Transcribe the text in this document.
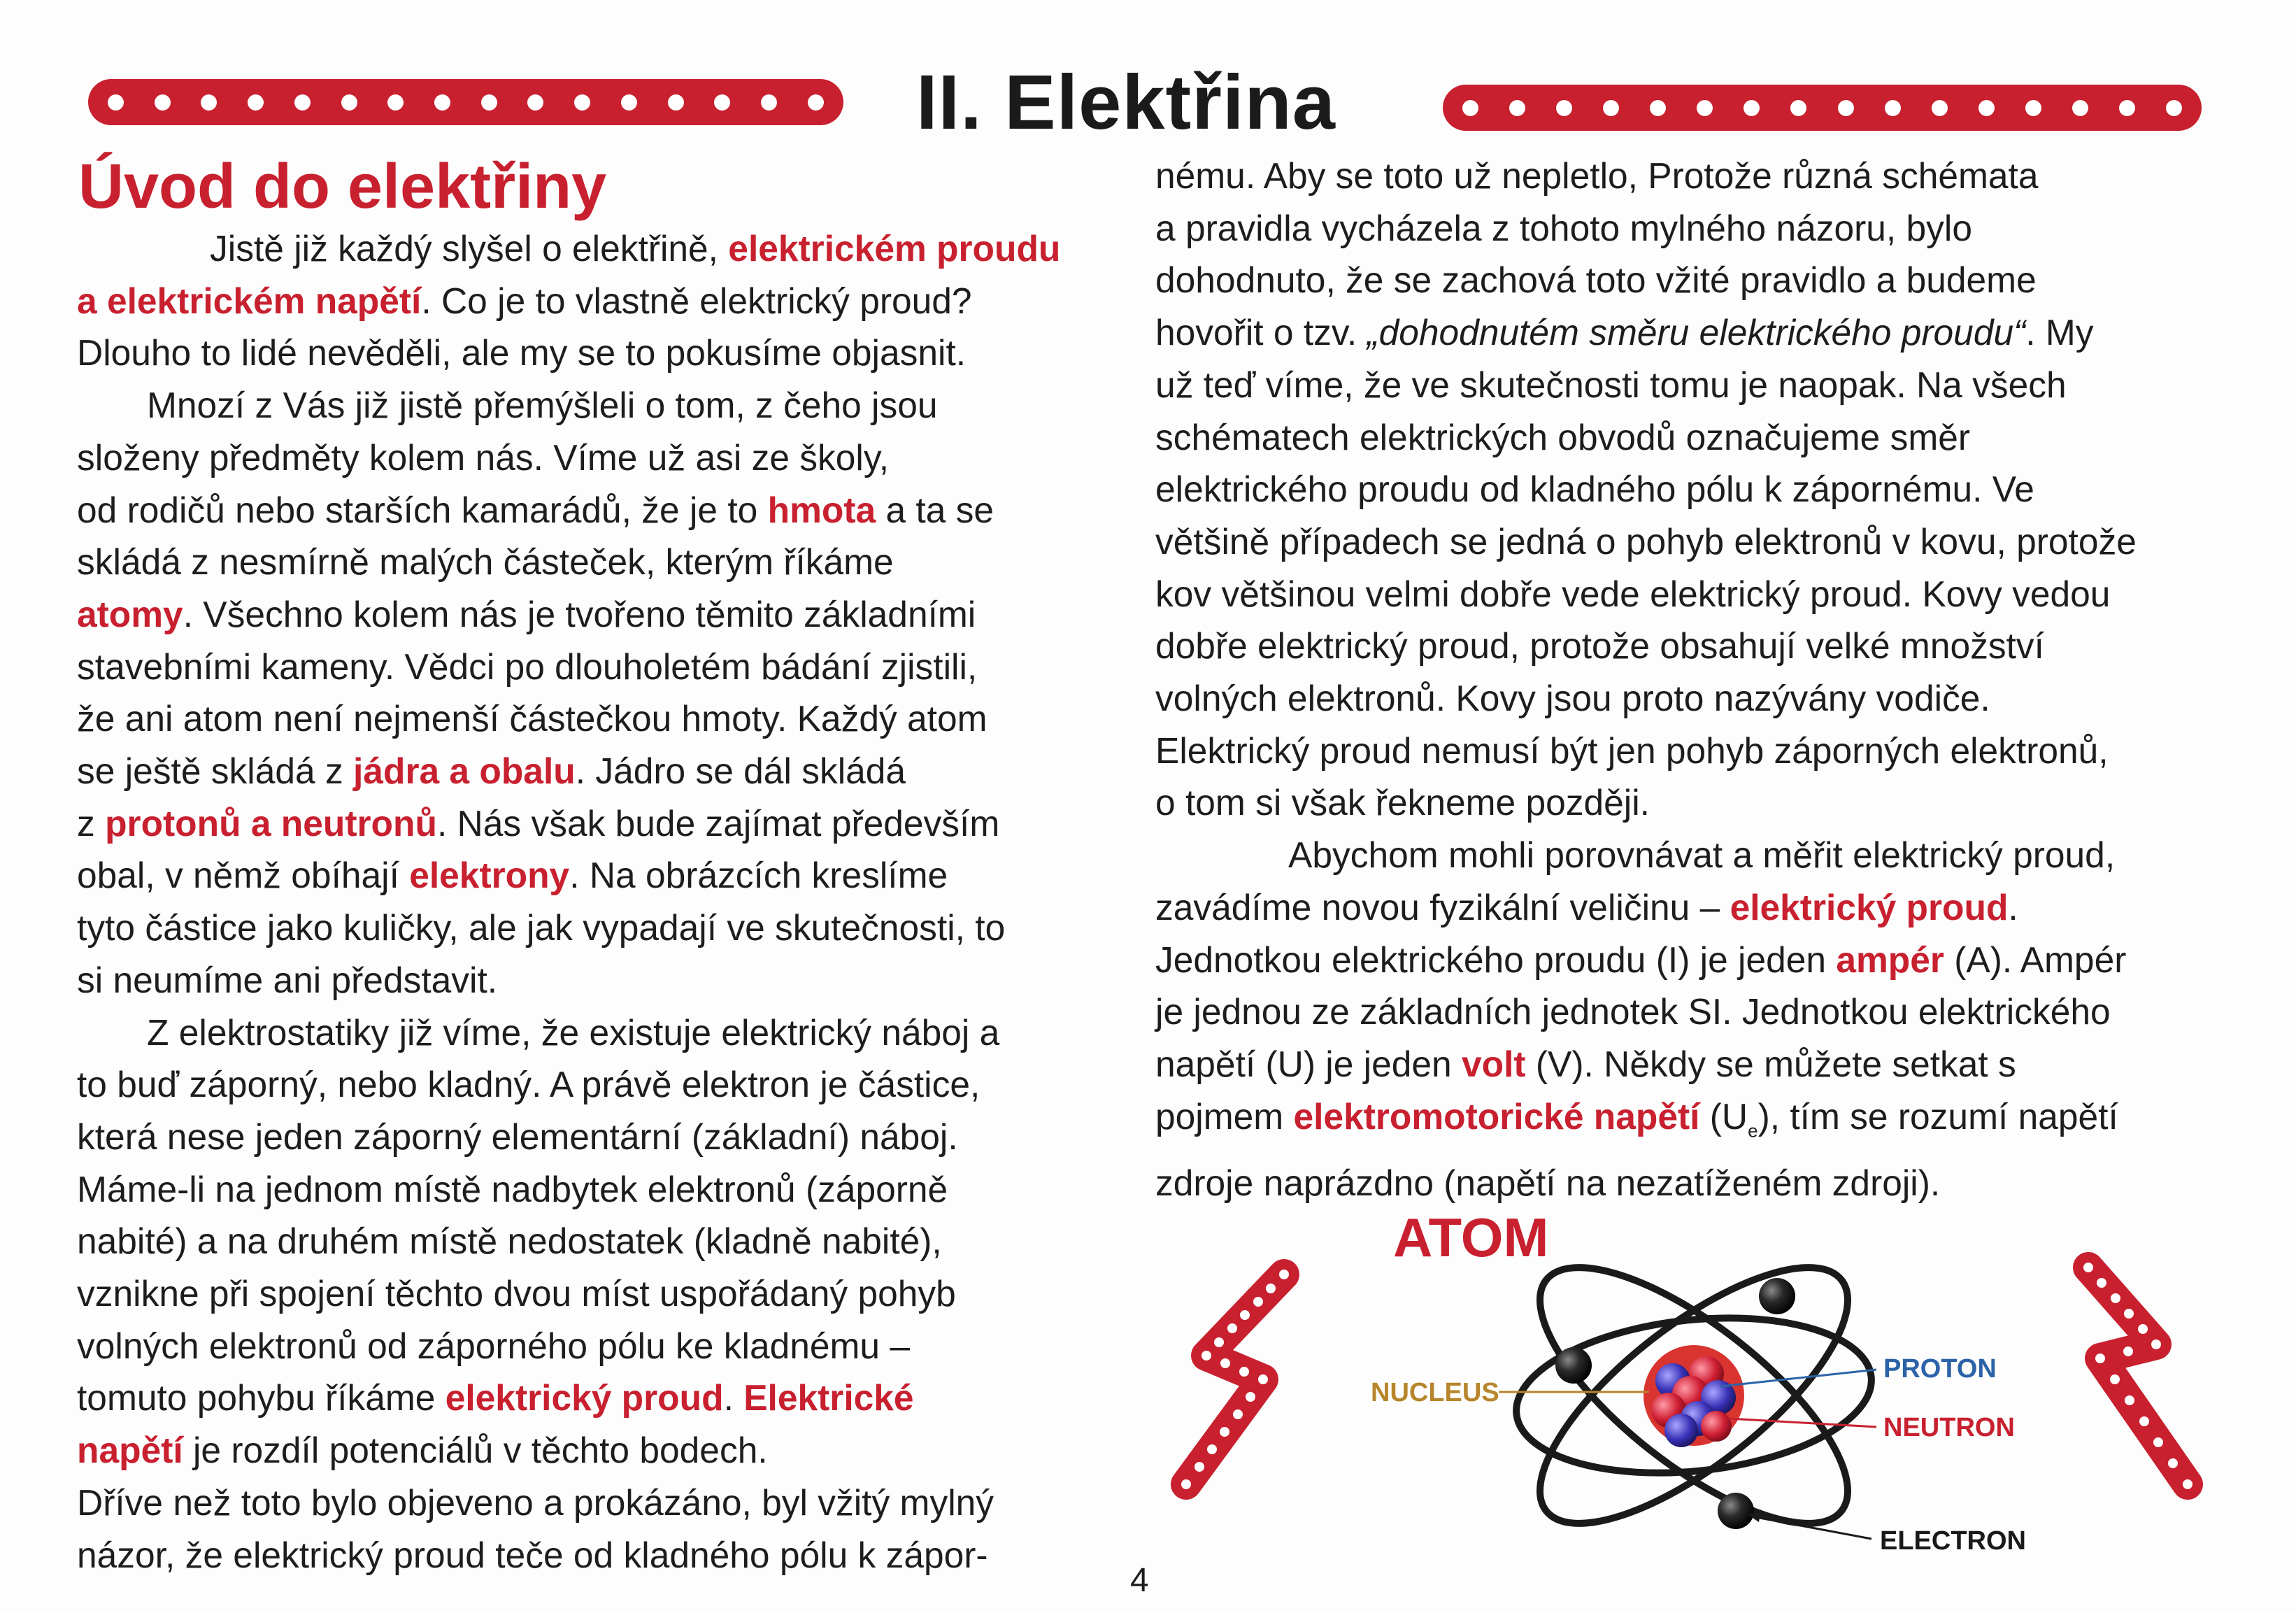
II. Elektřina
Úvod do elektřiny

Jistě již každý slyšel o elektřině, elektrickém proudu
a elektrickém napětí. Co je to vlastně elektrický proud?
Dlouho to lidé nevěděli, ale my se to pokusíme objasnit.

Mnozí z Vás již jistě přemýšleli o tom, z čeho jsou
složeny předměty kolem nás. Víme už asi ze školy,
od rodičů nebo starších kamarádů, že je to hmota a ta se
skládá z nesmírně malých částeček, kterým říkáme
atomy. Všechno kolem nás je tvořeno těmito základními
stavebními kameny. Vědci po dlouholetém bádání zjistili,
že ani atom není nejmenší částečkou hmoty. Každý atom
se ještě skládá z jádra a obalu. Jádro se dál skládá
z protonů a neutronů. Nás však bude zajímat především
obal, v němž obíhají elektrony. Na obrázcích kreslíme
tyto částice jako kuličky, ale jak vypadají ve skutečnosti, to
si neumíme ani představit.

Z elektrostatiky již víme, že existuje elektrický náboj a
to buď záporný, nebo kladný. A právě elektron je částice,
která nese jeden záporný elementární (základní) náboj.
Máme-li na jednom místě nadbytek elektronů (záporně
nabité) a na druhém místě nedostatek (kladně nabité),
vznikne při spojení těchto dvou míst uspořádaný pohyb
volných elektronů od záporného pólu ke kladnému –
tomuto pohybu říkáme elektrický proud. Elektrické
napětí je rozdíl potenciálů v těchto bodech.

Dříve než toto bylo objeveno a prokázáno, byl vžitý mylný
názor, že elektrický proud teče od kladného pólu k zápor-

nému. Aby se toto už nepletlo, Protože různá schémata
a pravidla vycházela z tohoto mylného názoru, bylo
dohodnuto, že se zachová toto vžité pravidlo a budeme
hovořit o tzv. „dohodnutém směru elektrického proudu“. My
už teď víme, že ve skutečnosti tomu je naopak. Na všech
schématech elektrických obvodů označujeme směr
elektrického proudu od kladného pólu k zápornému. Ve
většině případech se jedná o pohyb elektronů v kovu, protože
kov většinou velmi dobře vede elektrický proud. Kovy vedou
dobře elektrický proud, protože obsahují velké množství
volných elektronů. Kovy jsou proto nazývány vodiče.
Elektrický proud nemusí být jen pohyb záporných elektronů,
o tom si však řekneme později.

Abychom mohli porovnávat a měřit elektrický proud,
zavádíme novou fyzikální veličinu – elektrický proud.
Jednotkou elektrického proudu (I) je jeden ampér (A). Ampér
je jednou ze základních jednotek SI. Jednotkou elektrického
napětí (U) je jeden volt (V). Někdy se můžete setkat s
pojmem elektromotorické napětí $(U_e)$, tím se rozumí napětí
zdroje naprázdno (napětí na nezatíženém zdroji).

ATOM
NUCLEUS
PROTON
NEUTRON
ELECTRON
4
